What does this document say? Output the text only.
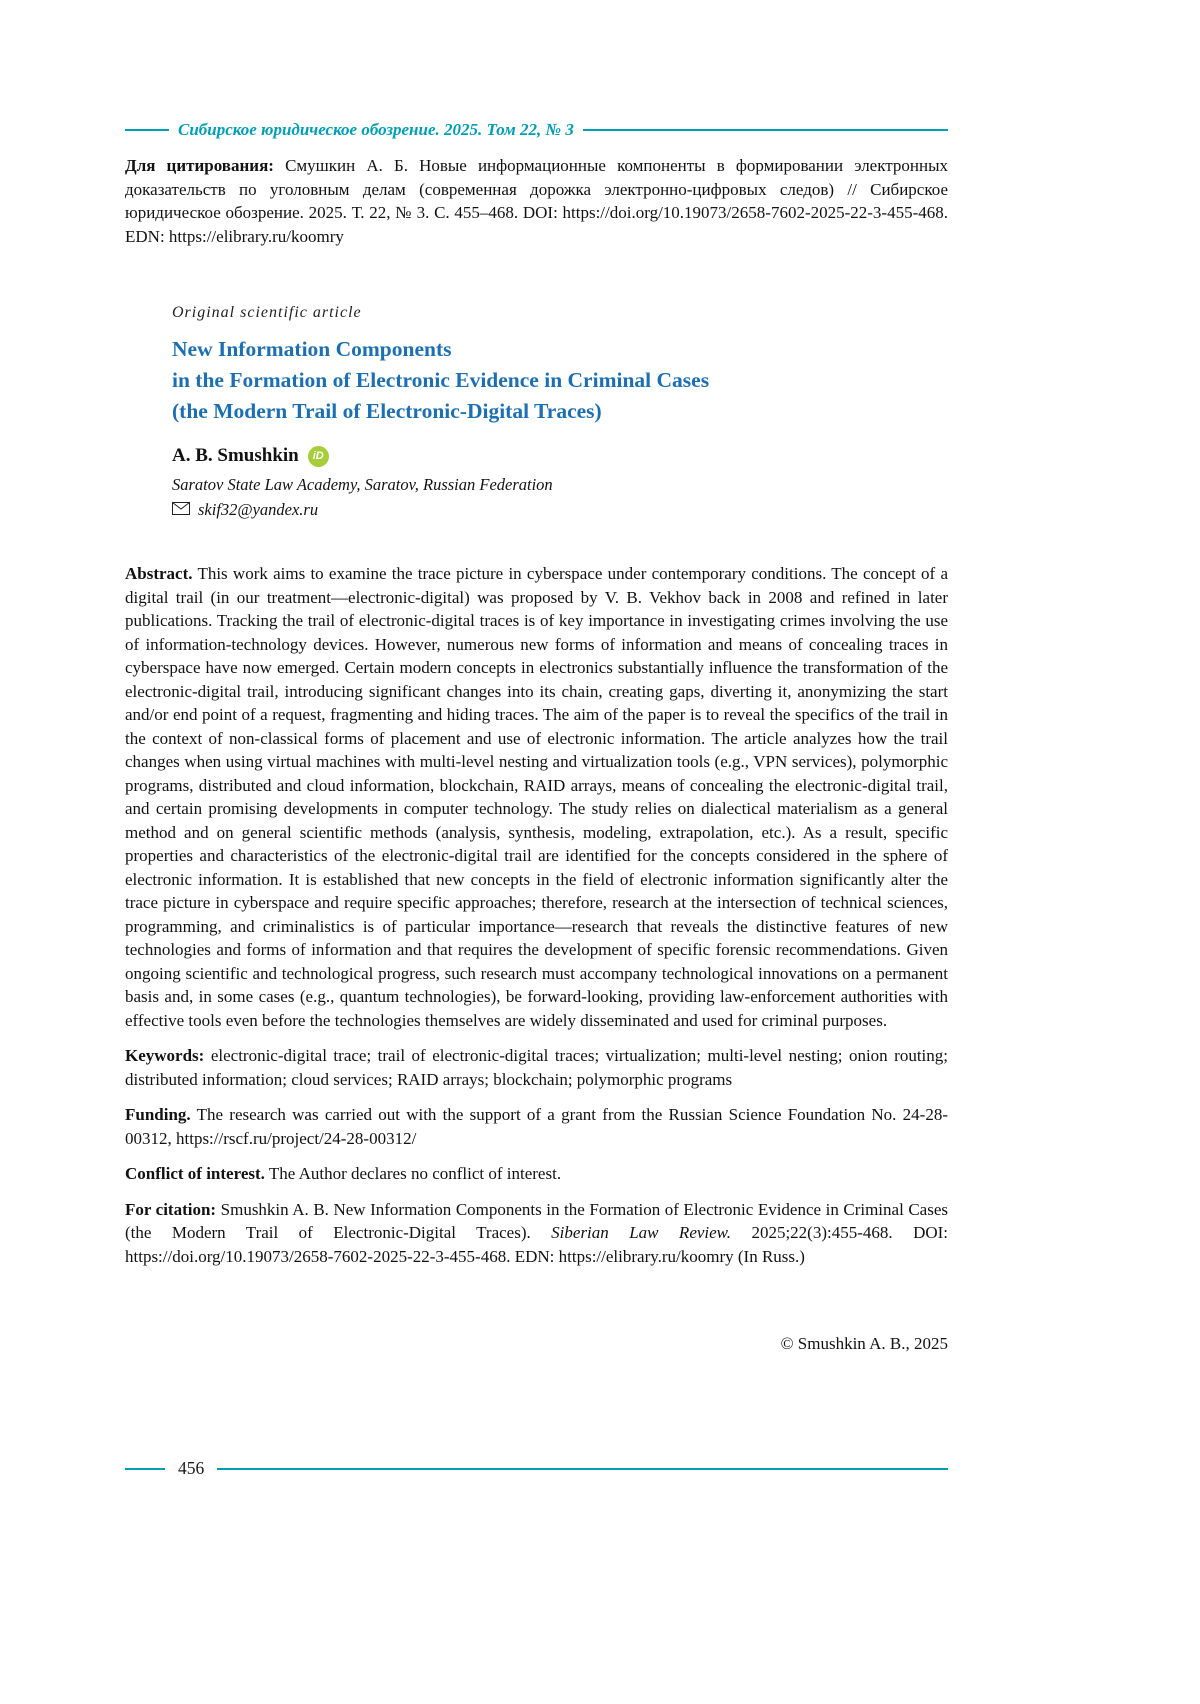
Сибирское юридическое обозрение. 2025. Том 22, № 3

Для цитирования: Смушкин А. Б. Новые информационные компоненты в формировании электронных доказательств по уголовным делам (современная дорожка электронно-цифровых следов) // Сибирское юридическое обозрение. 2025. Т. 22, № 3. С. 455–468. DOI: https://doi.org/10.19073/2658-7602-2025-22-3-455-468. EDN: https://elibrary.ru/koomry

Original scientific article
New Information Components
in the Formation of Electronic Evidence in Criminal Cases
(the Modern Trail of Electronic-Digital Traces)
A. B. Smushkin	iD
Saratov State Law Academy, Saratov, Russian Federation
skif32@yandex.ru

Abstract. This work aims to examine the trace picture in cyberspace under contemporary conditions. The concept of a digital trail (in our treatment—electronic-digital) was proposed by V. B. Vekhov back in 2008 and refined in later publications. Tracking the trail of electronic-digital traces is of key importance in investigating crimes involving the use of information-technology devices. However, numerous new forms of information and means of concealing traces in cyberspace have now emerged. Certain modern concepts in electronics substantially influence the transformation of the electronic-digital trail, introducing significant changes into its chain, creating gaps, diverting it, anonymizing the start and/or end point of a request, fragmenting and hiding traces. The aim of the paper is to reveal the specifics of the trail in the context of non-classical forms of placement and use of electronic information. The article analyzes how the trail changes when using virtual machines with multi-level nesting and virtualization tools (e.g., VPN services), polymorphic programs, distributed and cloud information, blockchain, RAID arrays, means of concealing the electronic-digital trail, and certain promising developments in computer technology. The study relies on dialectical materialism as a general method and on general scientific methods (analysis, synthesis, modeling, extrapolation, etc.). As a result, specific properties and characteristics of the electronic-digital trail are identified for the concepts considered in the sphere of electronic information. It is established that new concepts in the field of electronic information significantly alter the trace picture in cyberspace and require specific approaches; therefore, research at the intersection of technical sciences, programming, and criminalistics is of particular importance—research that reveals the distinctive features of new technologies and forms of information and that requires the development of specific forensic recommendations. Given ongoing scientific and technological progress, such research must accompany technological innovations on a permanent basis and, in some cases (e.g., quantum technologies), be forward-looking, providing law-enforcement authorities with effective tools even before the technologies themselves are widely disseminated and used for criminal purposes.

Keywords: electronic-digital trace; trail of electronic-digital traces; virtualization; multi-level nesting; onion routing; distributed information; cloud services; RAID arrays; blockchain; polymorphic programs

Funding. The research was carried out with the support of a grant from the Russian Science Foundation No. 24-28-00312, https://rscf.ru/project/24-28-00312/

Conflict of interest. The Author declares no conflict of interest.

For citation: Smushkin A. B. New Information Components in the Formation of Electronic Evidence in Criminal Cases (the Modern Trail of Electronic-Digital Traces). Siberian Law Review. 2025;22(3):455-468. DOI: https://doi.org/10.19073/2658-7602-2025-22-3-455-468. EDN: https://elibrary.ru/koomry (In Russ.)

© Smushkin A. B., 2025
456
